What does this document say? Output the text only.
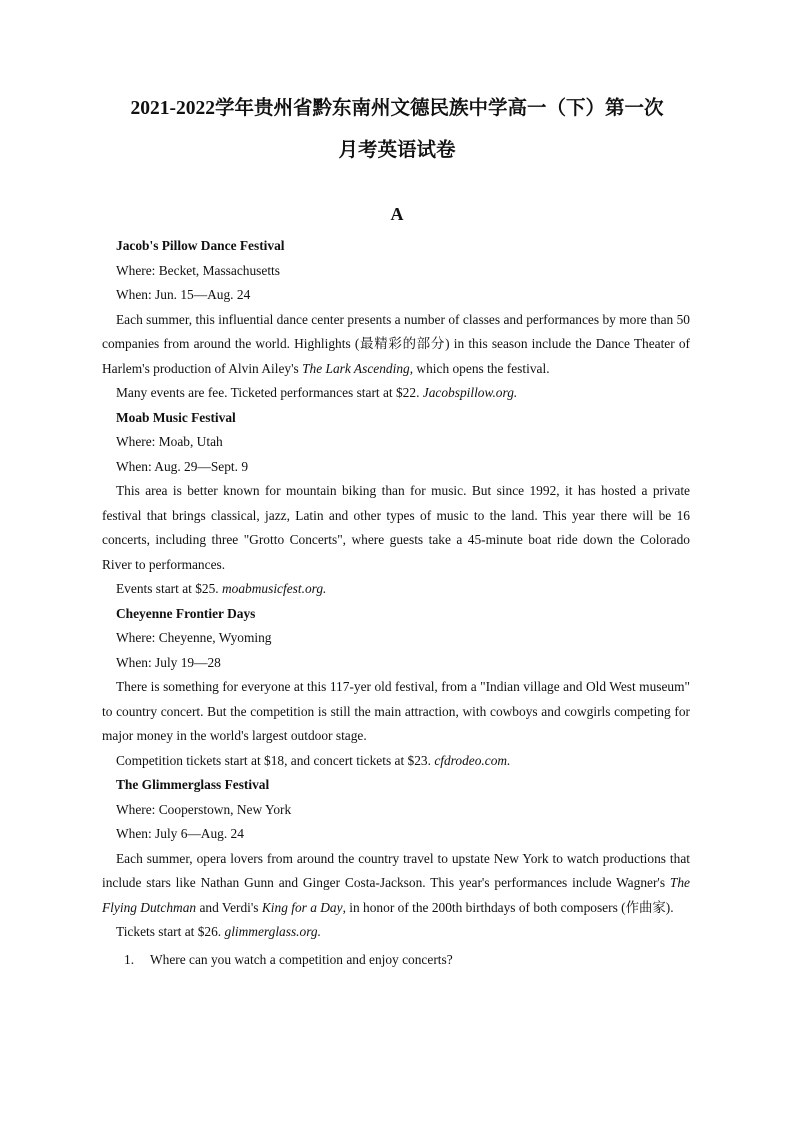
2021-2022学年贵州省黔东南州文德民族中学高一（下）第一次
月考英语试卷
A

Jacob's Pillow Dance Festival

Where: Becket, Massachusetts

When: Jun. 15—Aug. 24

Each summer, this influential dance center presents a number of classes and performances by more than 50 companies from around the world. Highlights (最精彩的部分) in this season include the Dance Theater of Harlem's production of Alvin Ailey's The Lark Ascending, which opens the festival.

Many events are fee. Ticketed performances start at $22. Jacobspillow.org.

Moab Music Festival

Where: Moab, Utah

When: Aug. 29—Sept. 9

This area is better known for mountain biking than for music. But since 1992, it has hosted a private festival that brings classical, jazz, Latin and other types of music to the land. This year there will be 16 concerts, including three "Grotto Concerts", where guests take a 45-minute boat ride down the Colorado River to performances.

Events start at $25. moabmusicfest.org.

Cheyenne Frontier Days

Where: Cheyenne, Wyoming

When: July 19—28

There is something for everyone at this 117-yer old festival, from a "Indian village and Old West museum" to country concert. But the competition is still the main attraction, with cowboys and cowgirls competing for major money in the world's largest outdoor stage.

Competition tickets start at $18, and concert tickets at $23. cfdrodeo.com.

The Glimmerglass Festival

Where: Cooperstown, New York

When: July 6—Aug. 24

Each summer, opera lovers from around the country travel to upstate New York to watch productions that include stars like Nathan Gunn and Ginger Costa-Jackson. This year's performances include Wagner's The Flying Dutchman and Verdi's King for a Day, in honor of the 200th birthdays of both composers (作曲家).

Tickets start at $26. glimmerglass.org.

1. Where can you watch a competition and enjoy concerts?
